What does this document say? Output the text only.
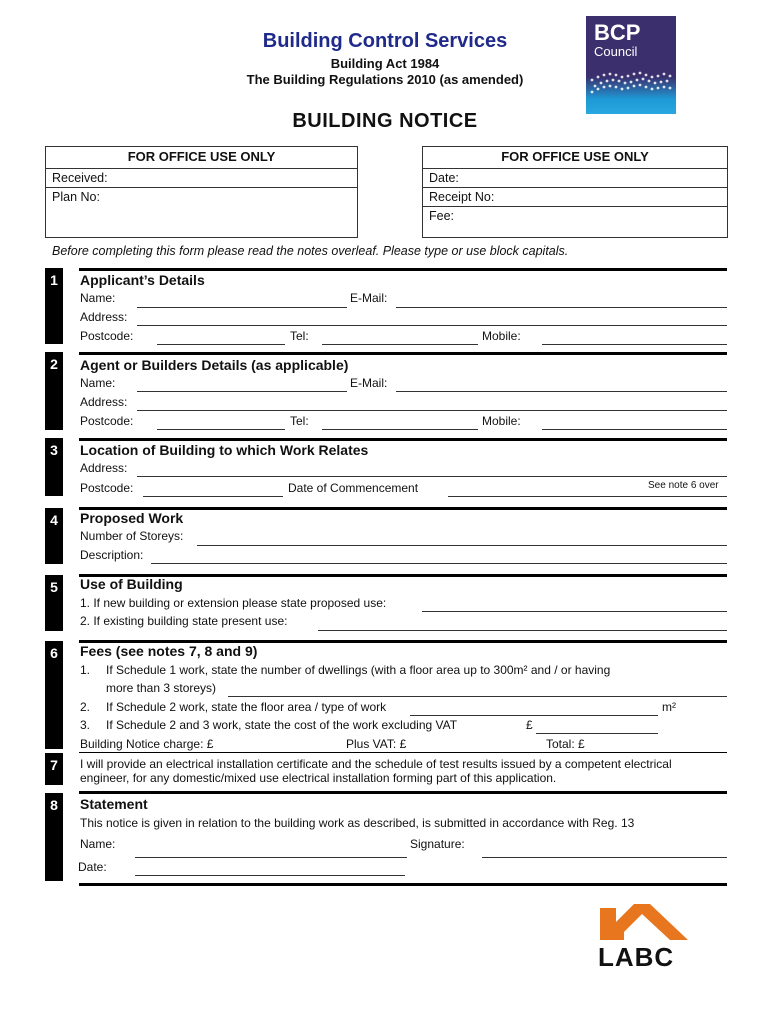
Building Control Services
Building Act 1984
The Building Regulations 2010 (as amended)
BUILDING NOTICE
BCP
Council
FOR OFFICE USE ONLY
Received:
Plan No:
FOR OFFICE USE ONLY
Date:
Receipt No:
Fee:
Before completing this form please read the notes overleaf. Please type or use block capitals.
1	Applicant’s Details
Name:	E-Mail:
Address:
Postcode:	Tel:	Mobile:
2	Agent or Builders Details (as applicable)
Name:	E-Mail:
Address:
Postcode:	Tel:	Mobile:
3	Location of Building to which Work Relates
Address:
Postcode:	Date of Commencement	See note 6 over
4	Proposed Work
Number of Storeys:
Description:
5	Use of Building
1. If new building or extension please state proposed use:
2. If existing building state present use:
6	Fees (see notes 7, 8 and 9)
1. If Schedule 1 work, state the number of dwellings (with a floor area up to 300m² and / or having
more than 3 storeys)
2. If Schedule 2 work, state the floor area / type of work	m²
3. If Schedule 2 and 3 work, state the cost of the work excluding VAT	£
Building Notice charge: £	Plus VAT: £	Total: £
7	I will provide an electrical installation certificate and the schedule of test results issued by a competent electrical
engineer, for any domestic/mixed use electrical installation forming part of this application.
8	Statement
This notice is given in relation to the building work as described, is submitted in accordance with Reg. 13
Name:	Signature:
Date:
LABC
